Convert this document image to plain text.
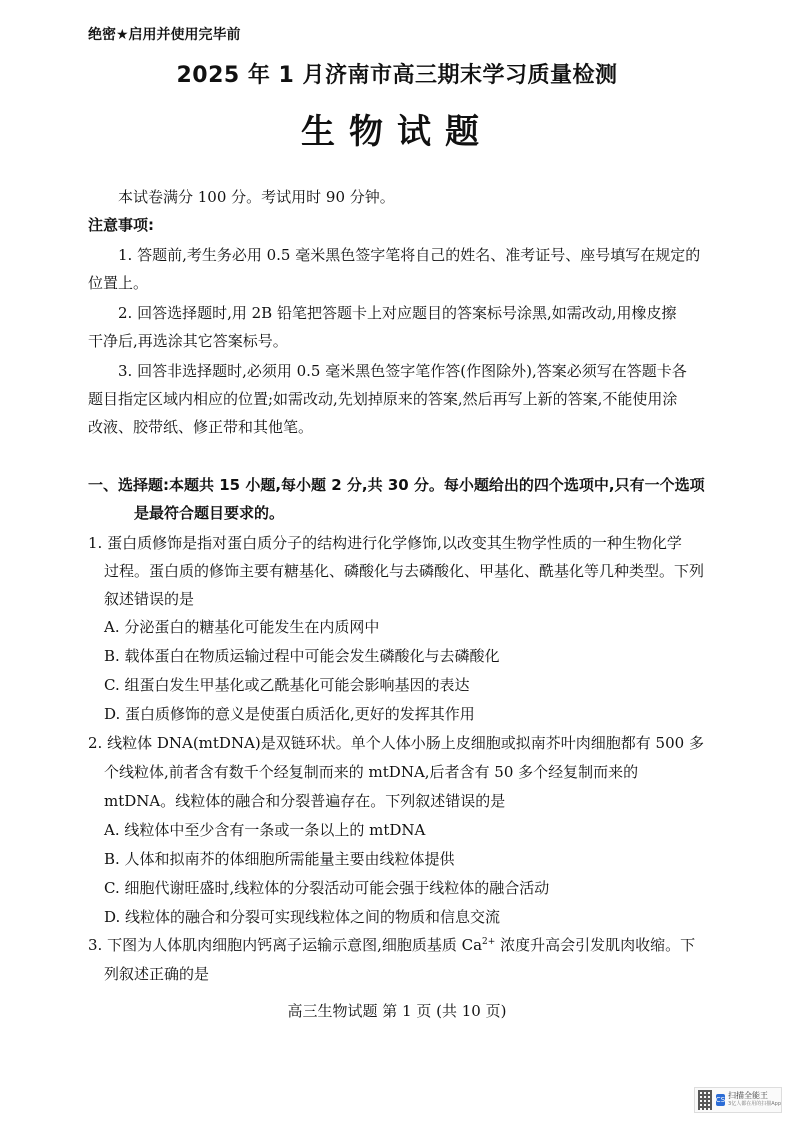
绝密★启用并使用完毕前
2025 年 1 月济南市高三期末学习质量检测
生物试题
本试卷满分 100 分。考试用时 90 分钟。
注意事项:
1. 答题前,考生务必用 0.5 毫米黑色签字笔将自己的姓名、准考证号、座号填写在规定的
位置上。
2. 回答选择题时,用 2B 铅笔把答题卡上对应题目的答案标号涂黑,如需改动,用橡皮擦
干净后,再选涂其它答案标号。
3. 回答非选择题时,必须用 0.5 毫米黑色签字笔作答(作图除外),答案必须写在答题卡各
题目指定区域内相应的位置;如需改动,先划掉原来的答案,然后再写上新的答案,不能使用涂
改液、胶带纸、修正带和其他笔。
一、选择题:本题共 15 小题,每小题 2 分,共 30 分。每小题给出的四个选项中,只有一个选项
是最符合题目要求的。
1. 蛋白质修饰是指对蛋白质分子的结构进行化学修饰,以改变其生物学性质的一种生物化学
过程。蛋白质的修饰主要有糖基化、磷酸化与去磷酸化、甲基化、酰基化等几种类型。下列
叙述错误的是
A. 分泌蛋白的糖基化可能发生在内质网中
B. 载体蛋白在物质运输过程中可能会发生磷酸化与去磷酸化
C. 组蛋白发生甲基化或乙酰基化可能会影响基因的表达
D. 蛋白质修饰的意义是使蛋白质活化,更好的发挥其作用
2. 线粒体 DNA(mtDNA)是双链环状。单个人体小肠上皮细胞或拟南芥叶肉细胞都有 500 多
个线粒体,前者含有数千个经复制而来的 mtDNA,后者含有 50 多个经复制而来的
mtDNA。线粒体的融合和分裂普遍存在。下列叙述错误的是
A. 线粒体中至少含有一条或一条以上的 mtDNA
B. 人体和拟南芥的体细胞所需能量主要由线粒体提供
C. 细胞代谢旺盛时,线粒体的分裂活动可能会强于线粒体的融合活动
D. 线粒体的融合和分裂可实现线粒体之间的物质和信息交流
3. 下图为人体肌肉细胞内钙离子运输示意图,细胞质基质 $Ca^{2+}$ 浓度升高会引发肌肉收缩。下
列叙述正确的是
高三生物试题 第 1 页 (共 10 页)
CS 扫描全能王
3亿人都在用的扫描App
